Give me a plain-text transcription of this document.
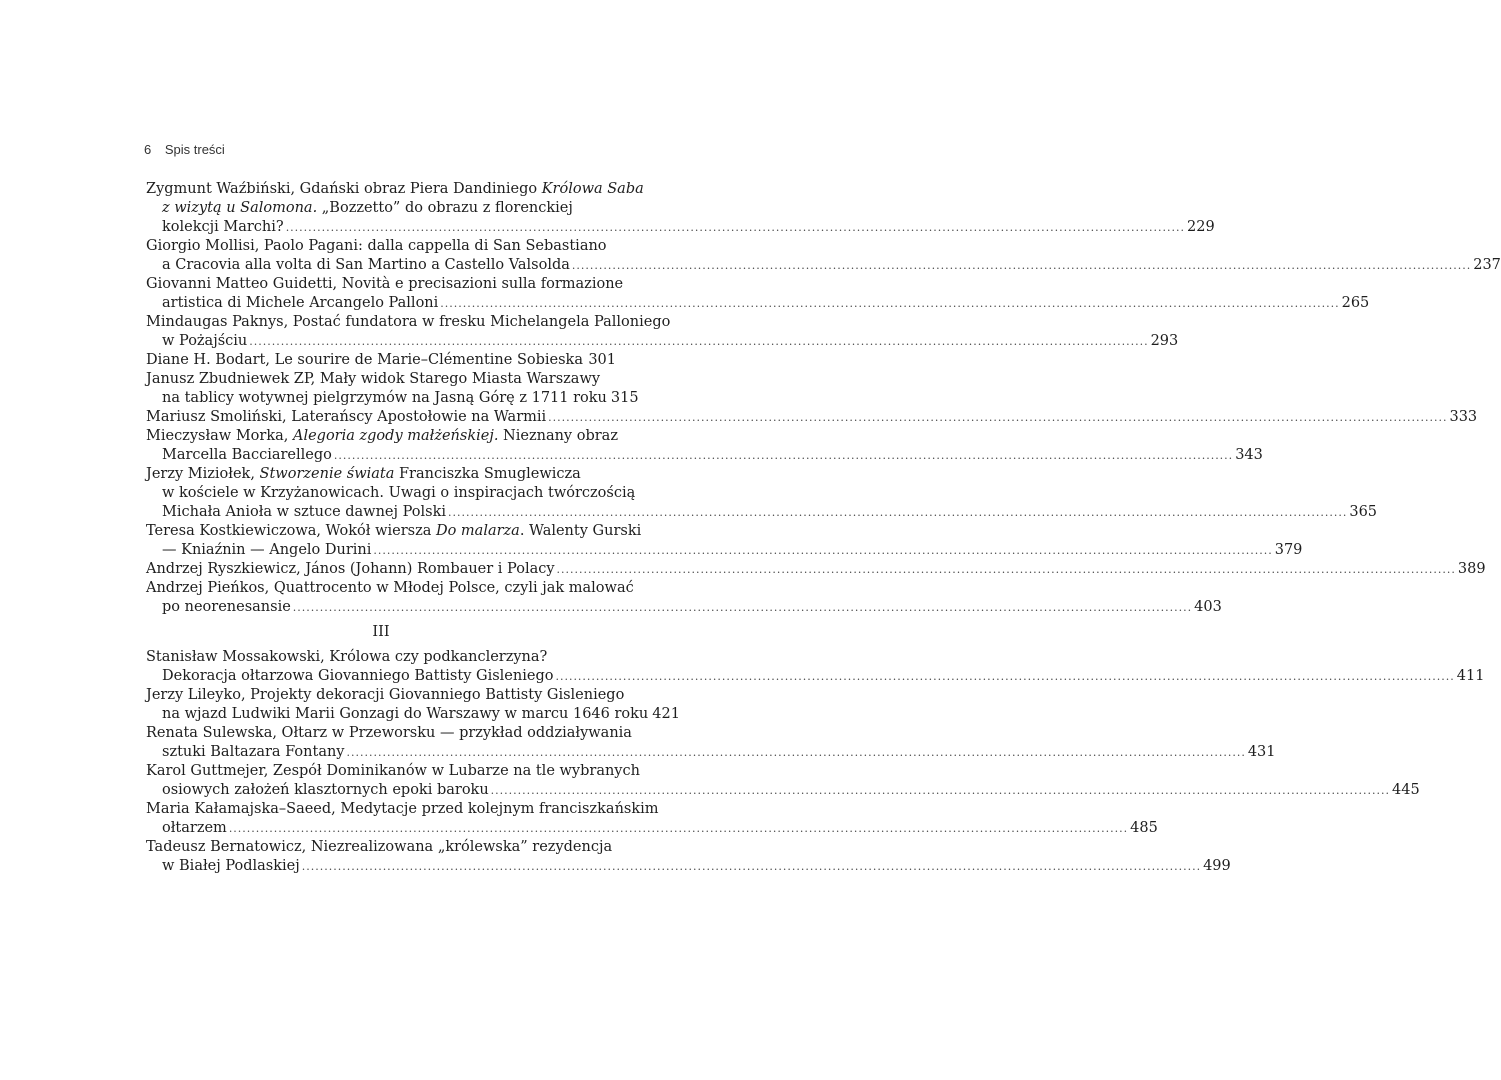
6 Spis treści
Zygmunt Waźbiński, Gdański obraz Piera Dandiniego Królowa Saba
z wizytą u Salomona. „Bozzetto” do obrazu z florenckiej
kolekcji Marchi? ........................................................................................................................................................................................................ 229
Giorgio Mollisi, Paolo Pagani: dalla cappella di San Sebastiano
a Cracovia alla volta di San Martino a Castello Valsolda ........................................................................................................................................................................................................ 237
Giovanni Matteo Guidetti, Novità e precisazioni sulla formazione
artistica di Michele Arcangelo Palloni ........................................................................................................................................................................................................ 265
Mindaugas Paknys, Postać fundatora w fresku Michelangela Palloniego
w Pożajściu ........................................................................................................................................................................................................ 293
Diane H. Bodart, Le sourire de Marie–Clémentine Sobieska 301
Janusz Zbudniewek ZP, Mały widok Starego Miasta Warszawy
na tablicy wotywnej pielgrzymów na Jasną Górę z 1711 roku 315
Mariusz Smoliński, Laterańscy Apostołowie na Warmii ........................................................................................................................................................................................................ 333
Mieczysław Morka, Alegoria zgody małżeńskiej. Nieznany obraz
Marcella Bacciarellego ........................................................................................................................................................................................................ 343
Jerzy Miziołek, Stworzenie świata Franciszka Smuglewicza
w kościele w Krzyżanowicach. Uwagi o inspiracjach twórczością
Michała Anioła w sztuce dawnej Polski ........................................................................................................................................................................................................ 365
Teresa Kostkiewiczowa, Wokół wiersza Do malarza. Walenty Gurski
— Kniaźnin — Angelo Durini ........................................................................................................................................................................................................ 379
Andrzej Ryszkiewicz, János (Johann) Rombauer i Polacy ........................................................................................................................................................................................................ 389
Andrzej Pieńkos, Quattrocento w Młodej Polsce, czyli jak malować
po neorenesansie ........................................................................................................................................................................................................ 403
III
Stanisław Mossakowski, Królowa czy podkanclerzyna?
Dekoracja ołtarzowa Giovanniego Battisty Gisleniego ........................................................................................................................................................................................................ 411
Jerzy Lileyko, Projekty dekoracji Giovanniego Battisty Gisleniego
na wjazd Ludwiki Marii Gonzagi do Warszawy w marcu 1646 roku 421
Renata Sulewska, Ołtarz w Przeworsku — przykład oddziaływania
sztuki Baltazara Fontany ........................................................................................................................................................................................................ 431
Karol Guttmejer, Zespół Dominikanów w Lubarze na tle wybranych
osiowych założeń klasztornych epoki baroku ........................................................................................................................................................................................................ 445
Maria Kałamajska–Saeed, Medytacje przed kolejnym franciszkańskim
ołtarzem ........................................................................................................................................................................................................ 485
Tadeusz Bernatowicz, Niezrealizowana „królewska” rezydencja
w Białej Podlaskiej ........................................................................................................................................................................................................ 499
